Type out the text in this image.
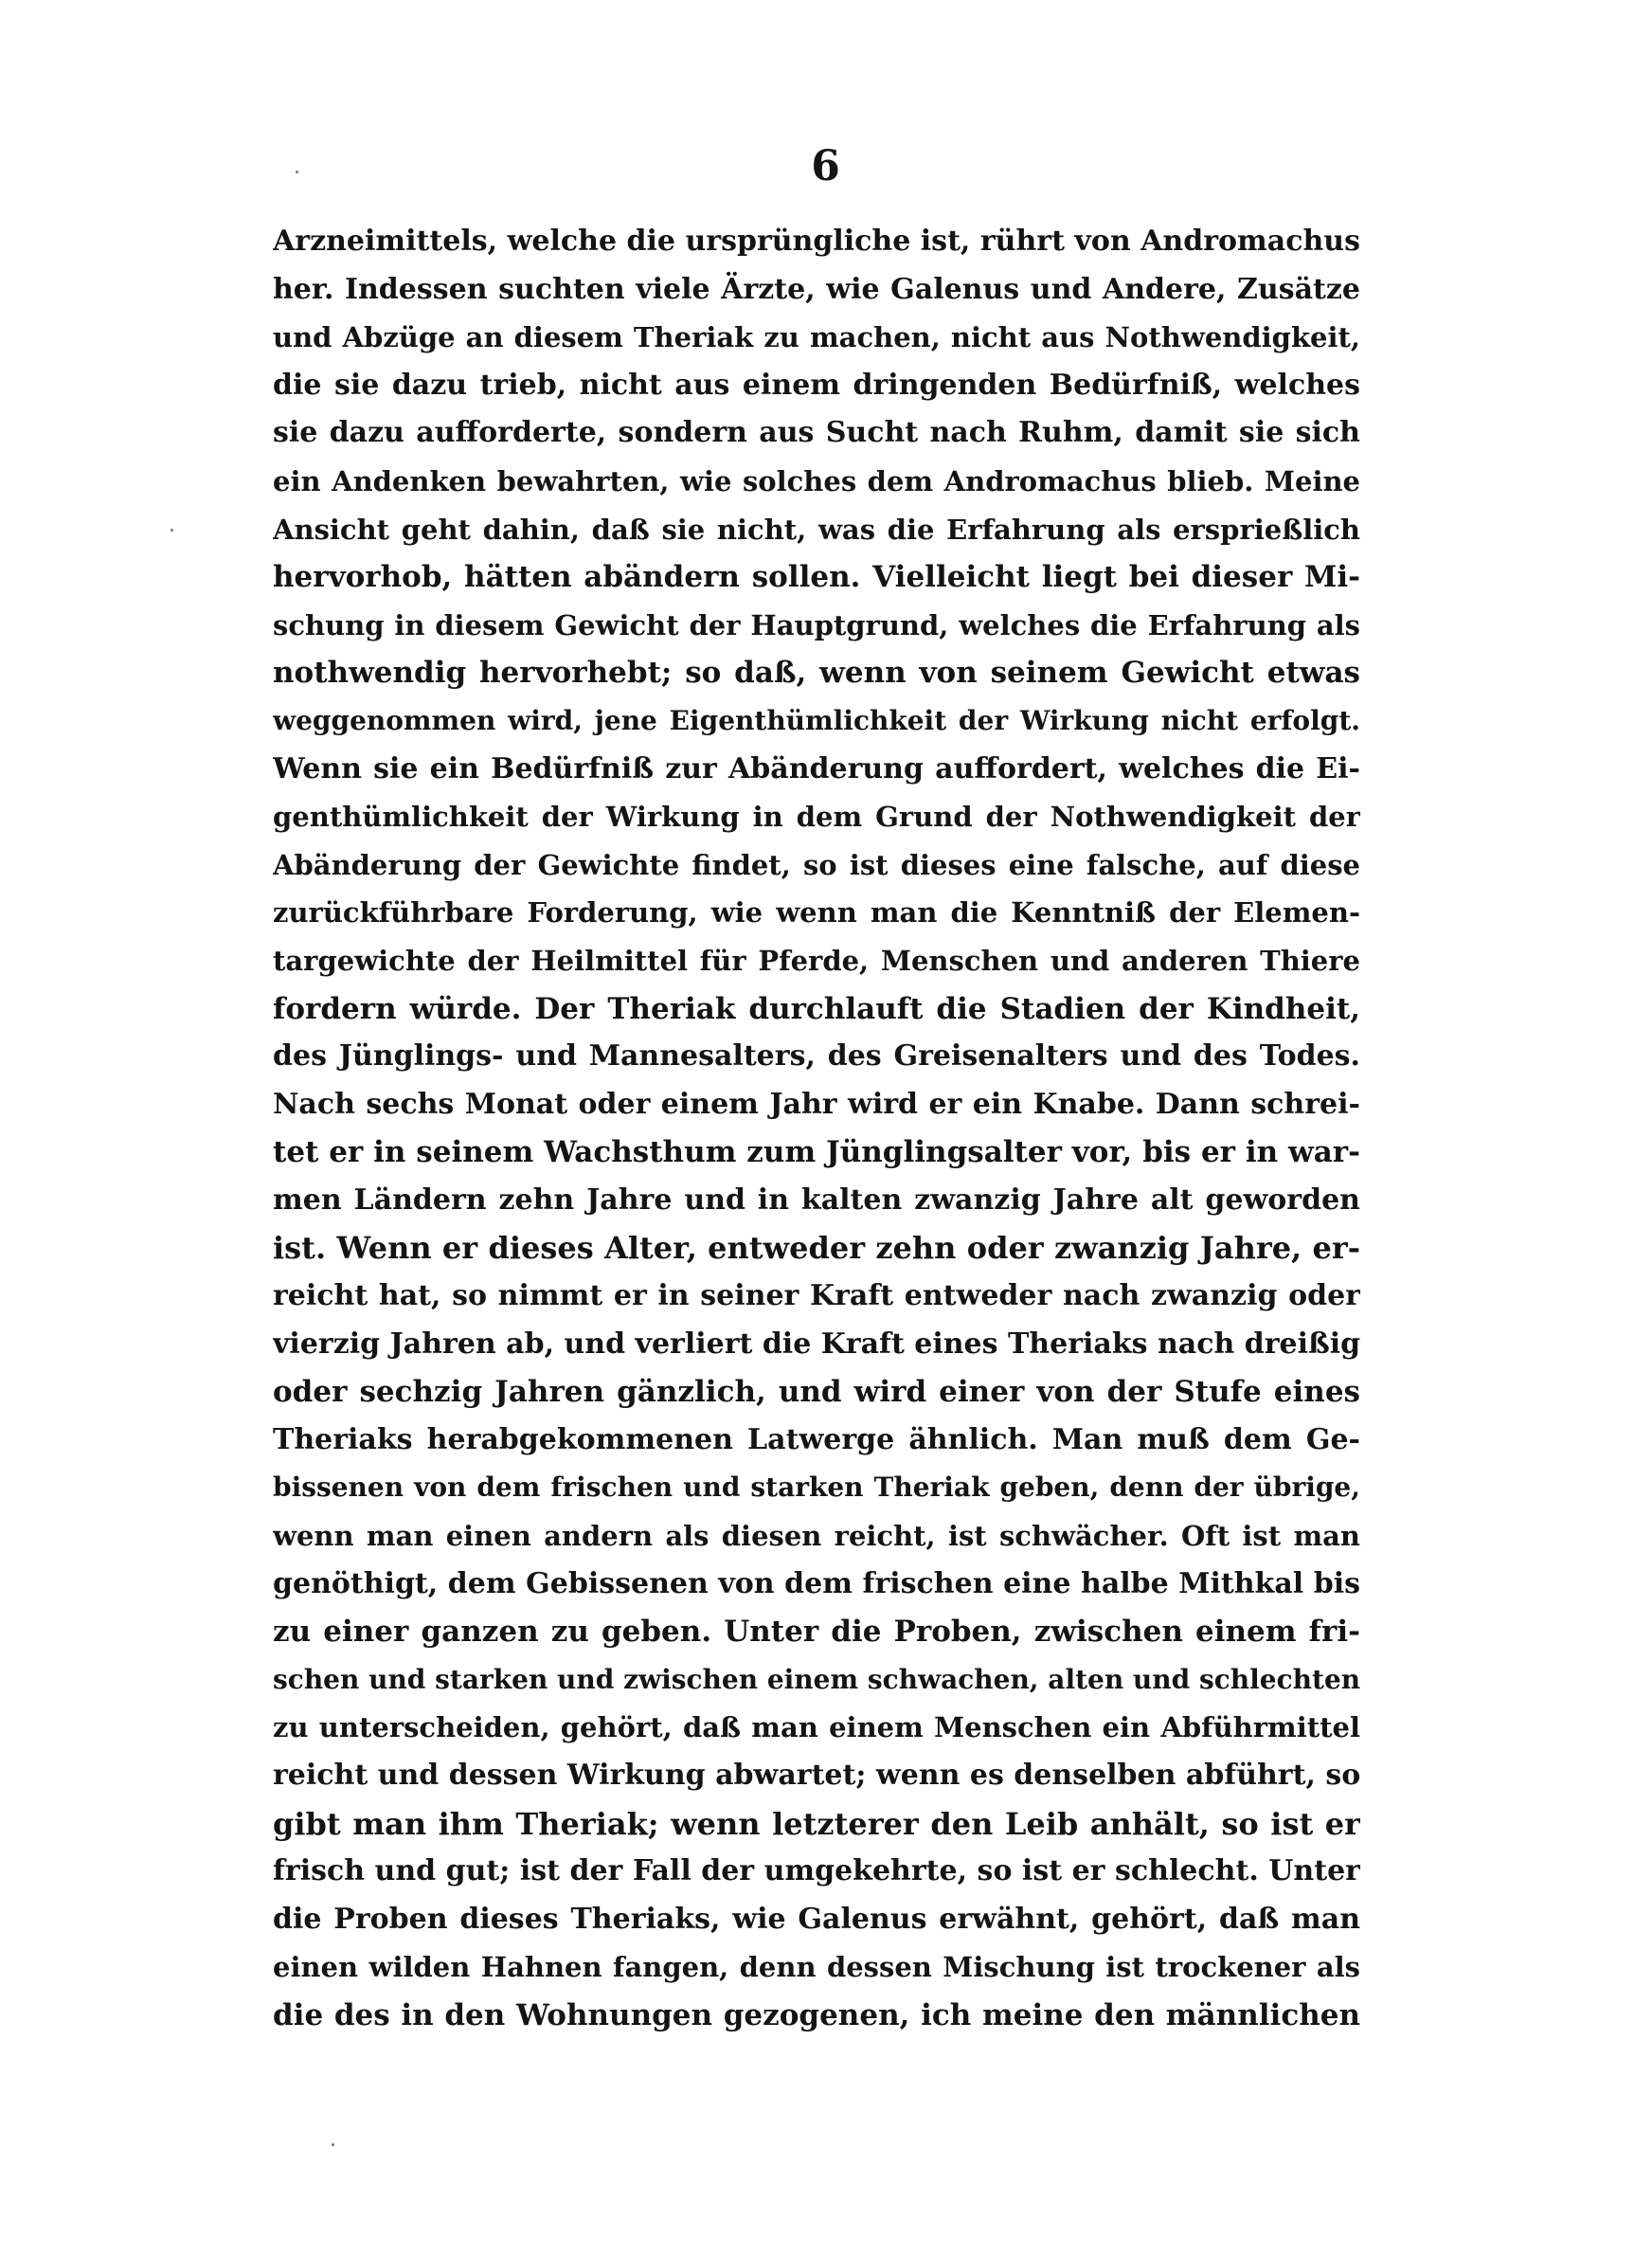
6
Arzneimittels, welche die ursprüngliche ist, rührt von Andromachus
her. Indessen suchten viele Ärzte, wie Galenus und Andere, Zusätze
und Abzüge an diesem Theriak zu machen, nicht aus Nothwendigkeit,
die sie dazu trieb, nicht aus einem dringenden Bedürfniß, welches
sie dazu aufforderte, sondern aus Sucht nach Ruhm, damit sie sich
ein Andenken bewahrten, wie solches dem Andromachus blieb. Meine
Ansicht geht dahin, daß sie nicht, was die Erfahrung als ersprießlich
hervorhob, hätten abändern sollen. Vielleicht liegt bei dieser Mi-
schung in diesem Gewicht der Hauptgrund, welches die Erfahrung als
nothwendig hervorhebt; so daß, wenn von seinem Gewicht etwas
weggenommen wird, jene Eigenthümlichkeit der Wirkung nicht erfolgt.
Wenn sie ein Bedürfniß zur Abänderung auffordert, welches die Ei-
genthümlichkeit der Wirkung in dem Grund der Nothwendigkeit der
Abänderung der Gewichte findet, so ist dieses eine falsche, auf diese
zurückführbare Forderung, wie wenn man die Kenntniß der Elemen-
targewichte der Heilmittel für Pferde, Menschen und anderen Thiere
fordern würde. Der Theriak durchlauft die Stadien der Kindheit,
des Jünglings- und Mannesalters, des Greisenalters und des Todes.
Nach sechs Monat oder einem Jahr wird er ein Knabe. Dann schrei-
tet er in seinem Wachsthum zum Jünglingsalter vor, bis er in war-
men Ländern zehn Jahre und in kalten zwanzig Jahre alt geworden
ist. Wenn er dieses Alter, entweder zehn oder zwanzig Jahre, er-
reicht hat, so nimmt er in seiner Kraft entweder nach zwanzig oder
vierzig Jahren ab, und verliert die Kraft eines Theriaks nach dreißig
oder sechzig Jahren gänzlich, und wird einer von der Stufe eines
Theriaks herabgekommenen Latwerge ähnlich. Man muß dem Ge-
bissenen von dem frischen und starken Theriak geben, denn der übrige,
wenn man einen andern als diesen reicht, ist schwächer. Oft ist man
genöthigt, dem Gebissenen von dem frischen eine halbe Mithkal bis
zu einer ganzen zu geben. Unter die Proben, zwischen einem fri-
schen und starken und zwischen einem schwachen, alten und schlechten
zu unterscheiden, gehört, daß man einem Menschen ein Abführmittel
reicht und dessen Wirkung abwartet; wenn es denselben abführt, so
gibt man ihm Theriak; wenn letzterer den Leib anhält, so ist er
frisch und gut; ist der Fall der umgekehrte, so ist er schlecht. Unter
die Proben dieses Theriaks, wie Galenus erwähnt, gehört, daß man
einen wilden Hahnen fangen, denn dessen Mischung ist trockener als
die des in den Wohnungen gezogenen, ich meine den männlichen
